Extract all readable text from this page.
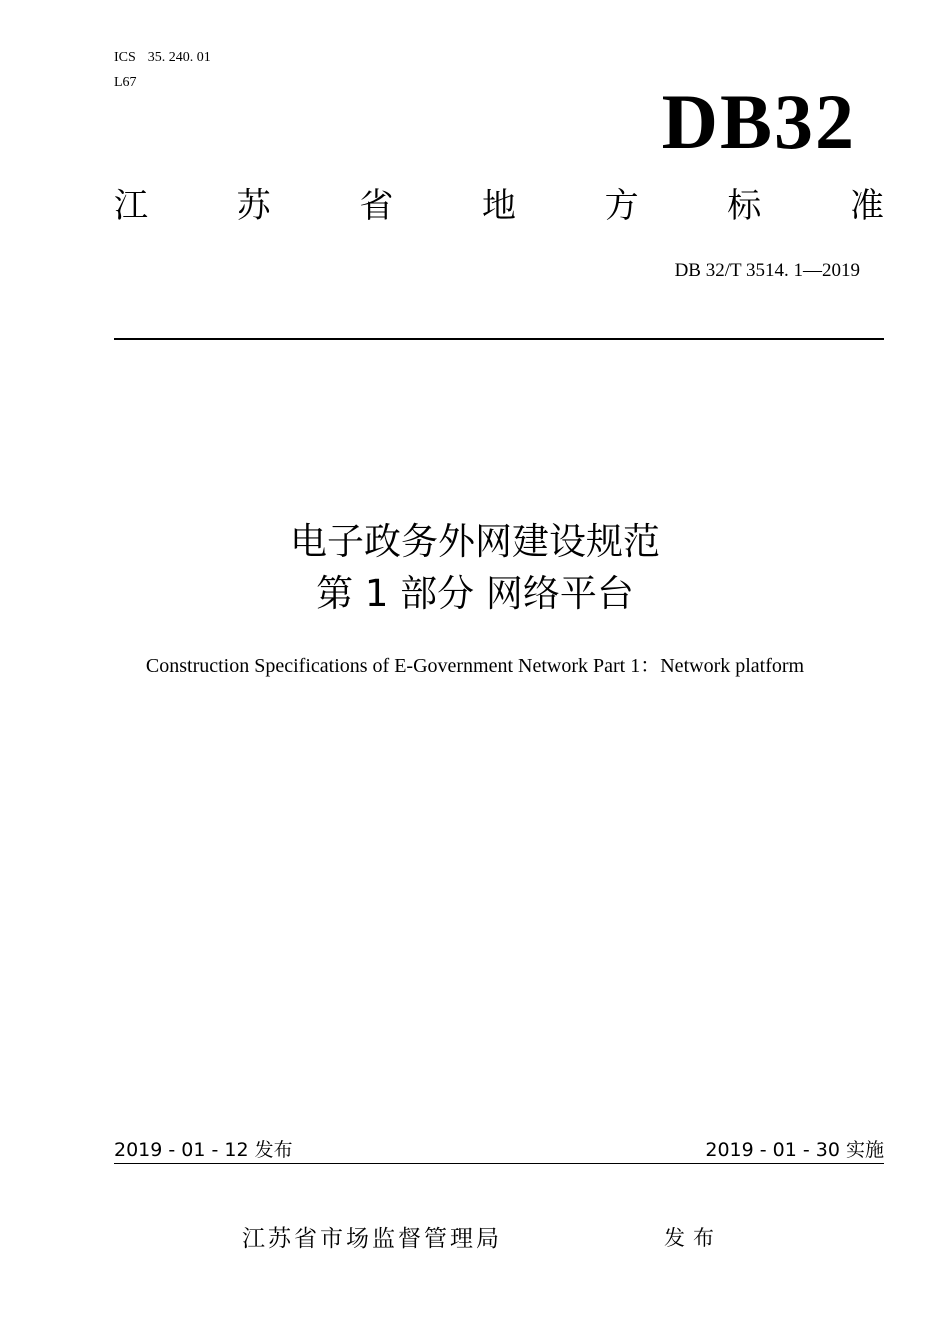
ICS 35. 240. 01
L67	DB32
江	苏	省	地	方	标	准
DB 32/T 3514. 1—2019
电子政务外网建设规范
第 1 部分 网络平台
Construction Specifications of E-Government Network Part 1：Network platform
2019 - 01 - 12 发布	2019 - 01 - 30 实施
江苏省市场监督管理局	发布
